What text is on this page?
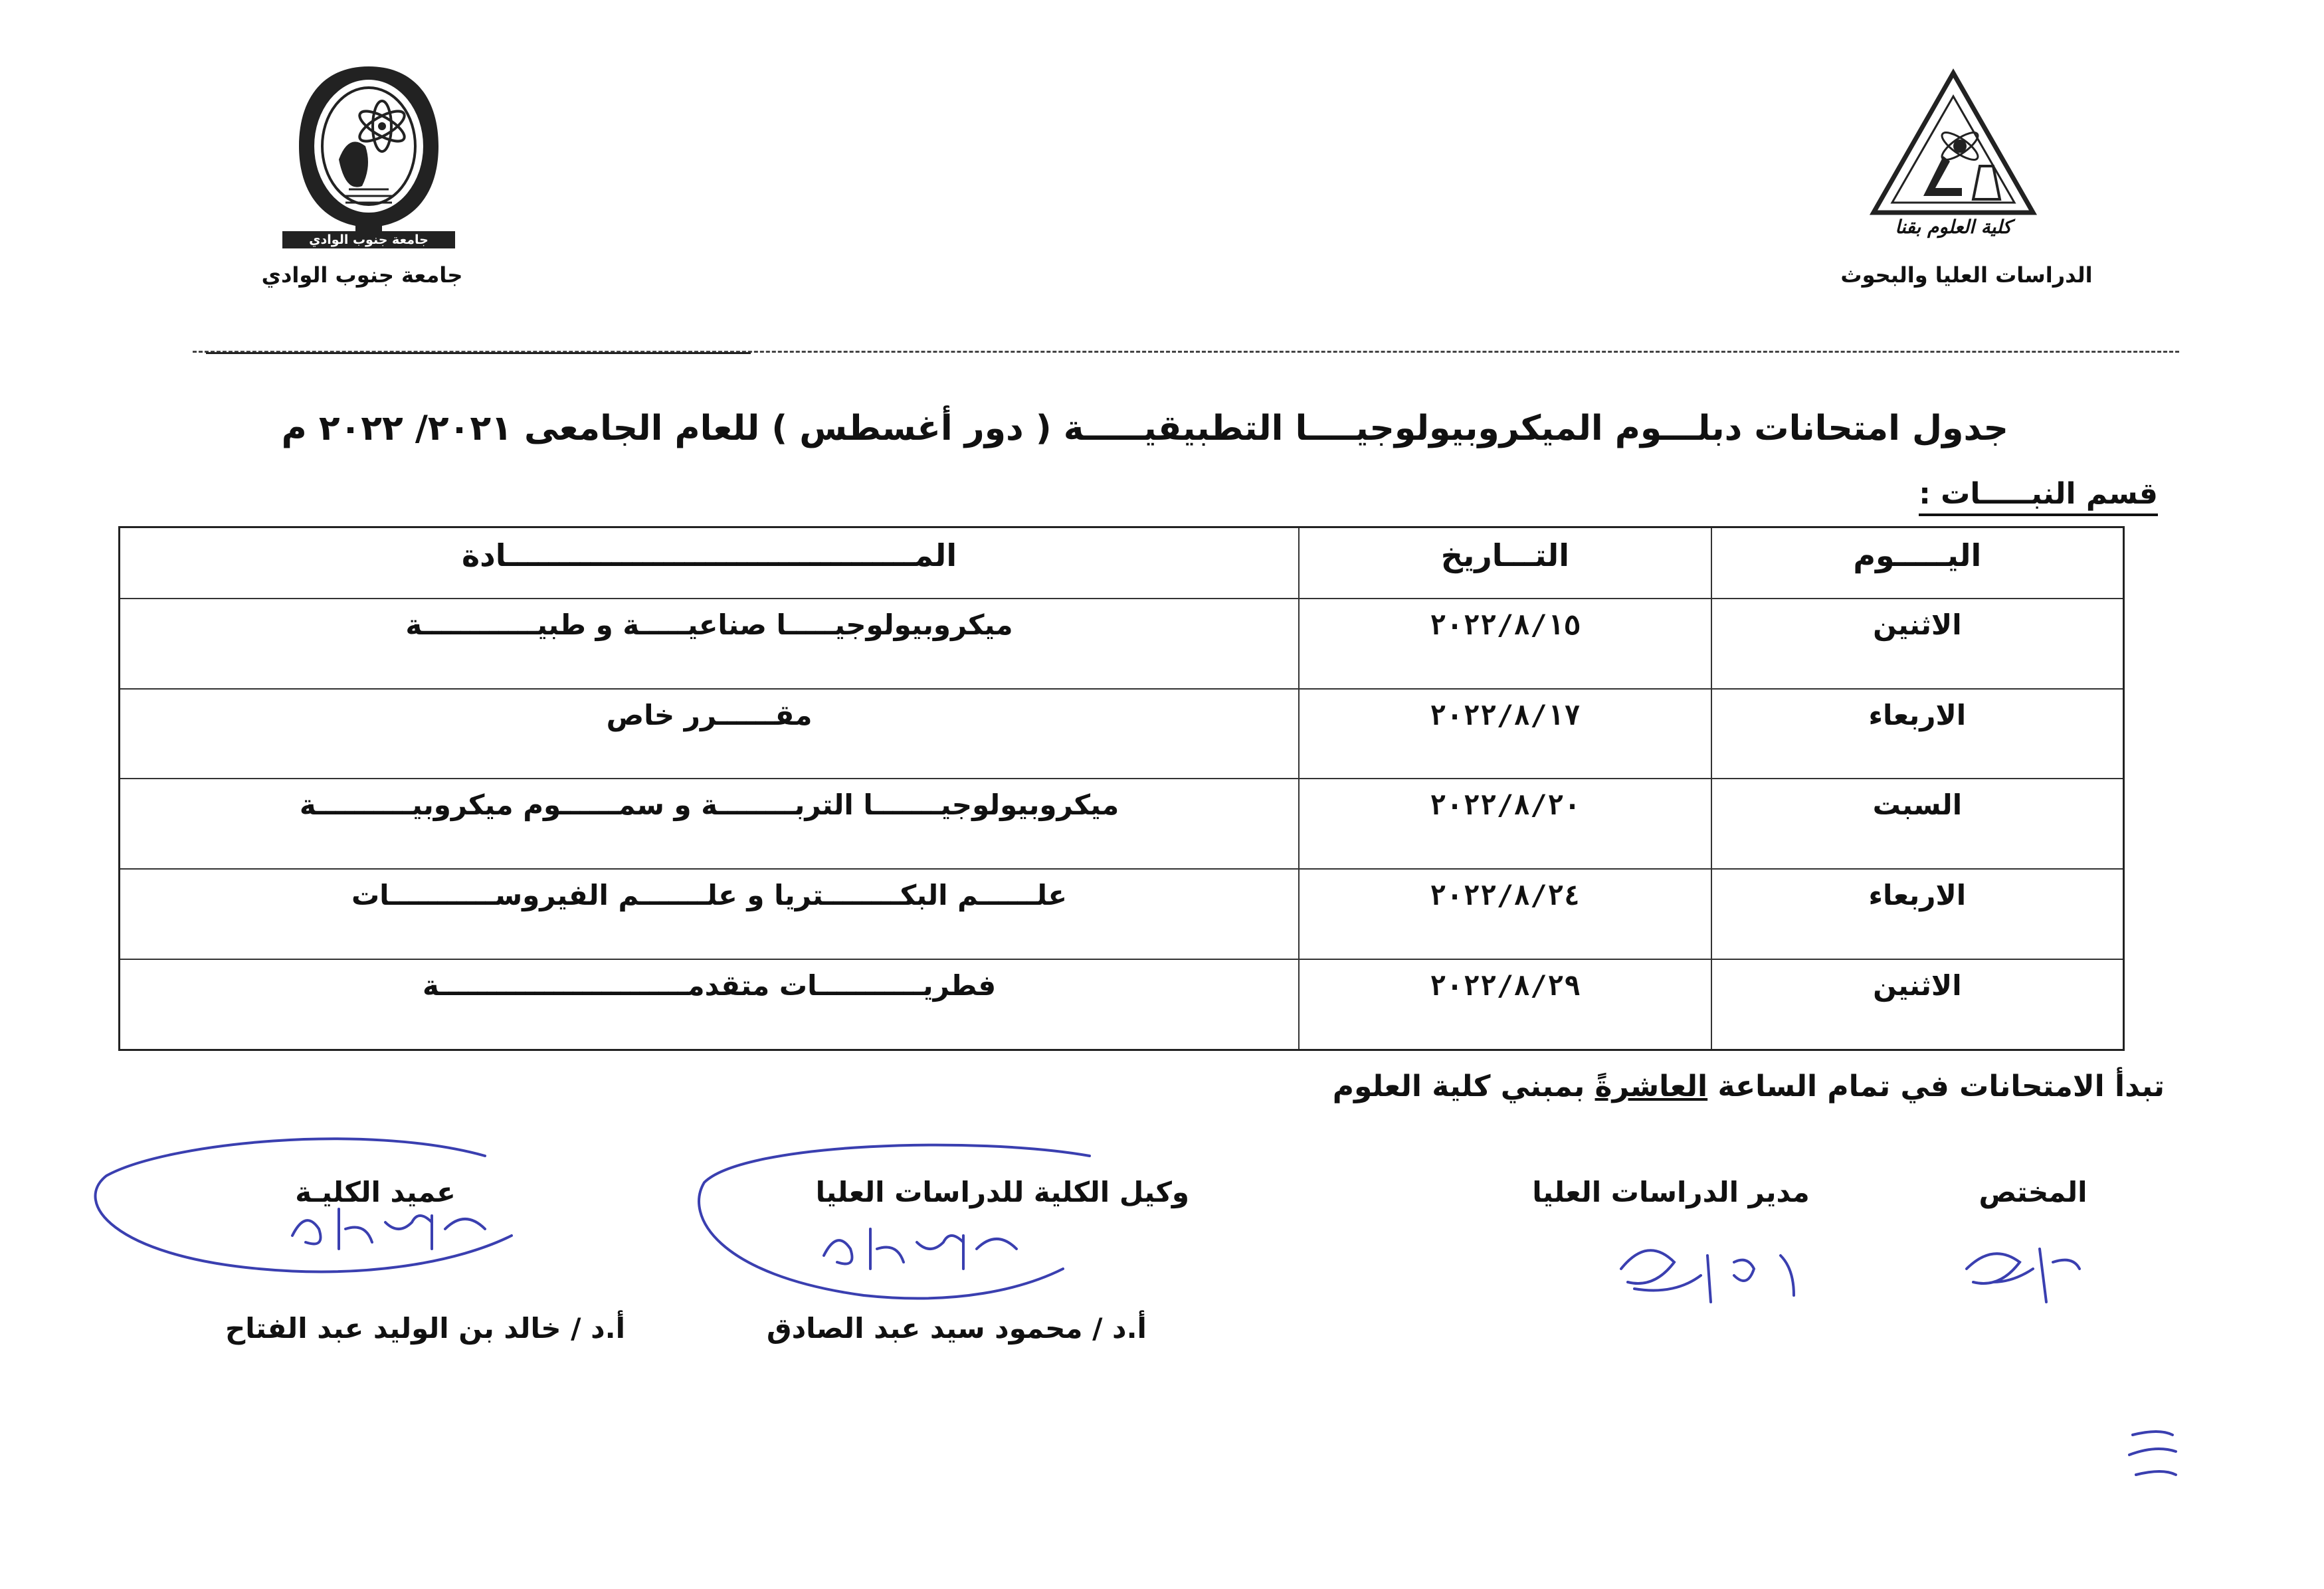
جامعة جنوب الوادي
جامعة جنوب الوادي
كلية العلوم بقنا
الدراسات العليا والبحوث
جدول امتحانات دبلـــوم الميكروبيولوجيــــا التطبيقيـــــة ( دور أغسطس ) للعام الجامعى ٢٠٢١/ ٢٠٢٢ م
قسم النبـــــات :
اليـــــوم	التـــاريخ	المـــــــــــــــــــــــــــــــــــــــادة
الاثنين	٢٠٢٢/٨/١٥	ميكروبيولوجيـــــا صناعيـــــة و طبيــــــــــــة
الاربعاء	٢٠٢٢/٨/١٧	مقــــــرر خاص
السبت	٢٠٢٢/٨/٢٠	ميكروبيولوجيـــــــا التربــــــــة و سمــــــوم ميكروبيــــــــــة
الاربعاء	٢٠٢٢/٨/٢٤	علــــــم البكــــــــتريا و علـــــــم الفيروســـــــــــات
الاثنين	٢٠٢٢/٨/٢٩	فطريـــــــــــات متقدمــــــــــــــــــــــــــة
تبدأ الامتحانات في تمام الساعة العاشرةً بمبني كلية العلوم
المختص
مدير الدراسات العليا
وكيل الكلية للدراسات العليا
عميد الكليـة
أ.د / محمود سيد عبد الصادق
أ.د / خالد بن الوليد عبد الفتاح
